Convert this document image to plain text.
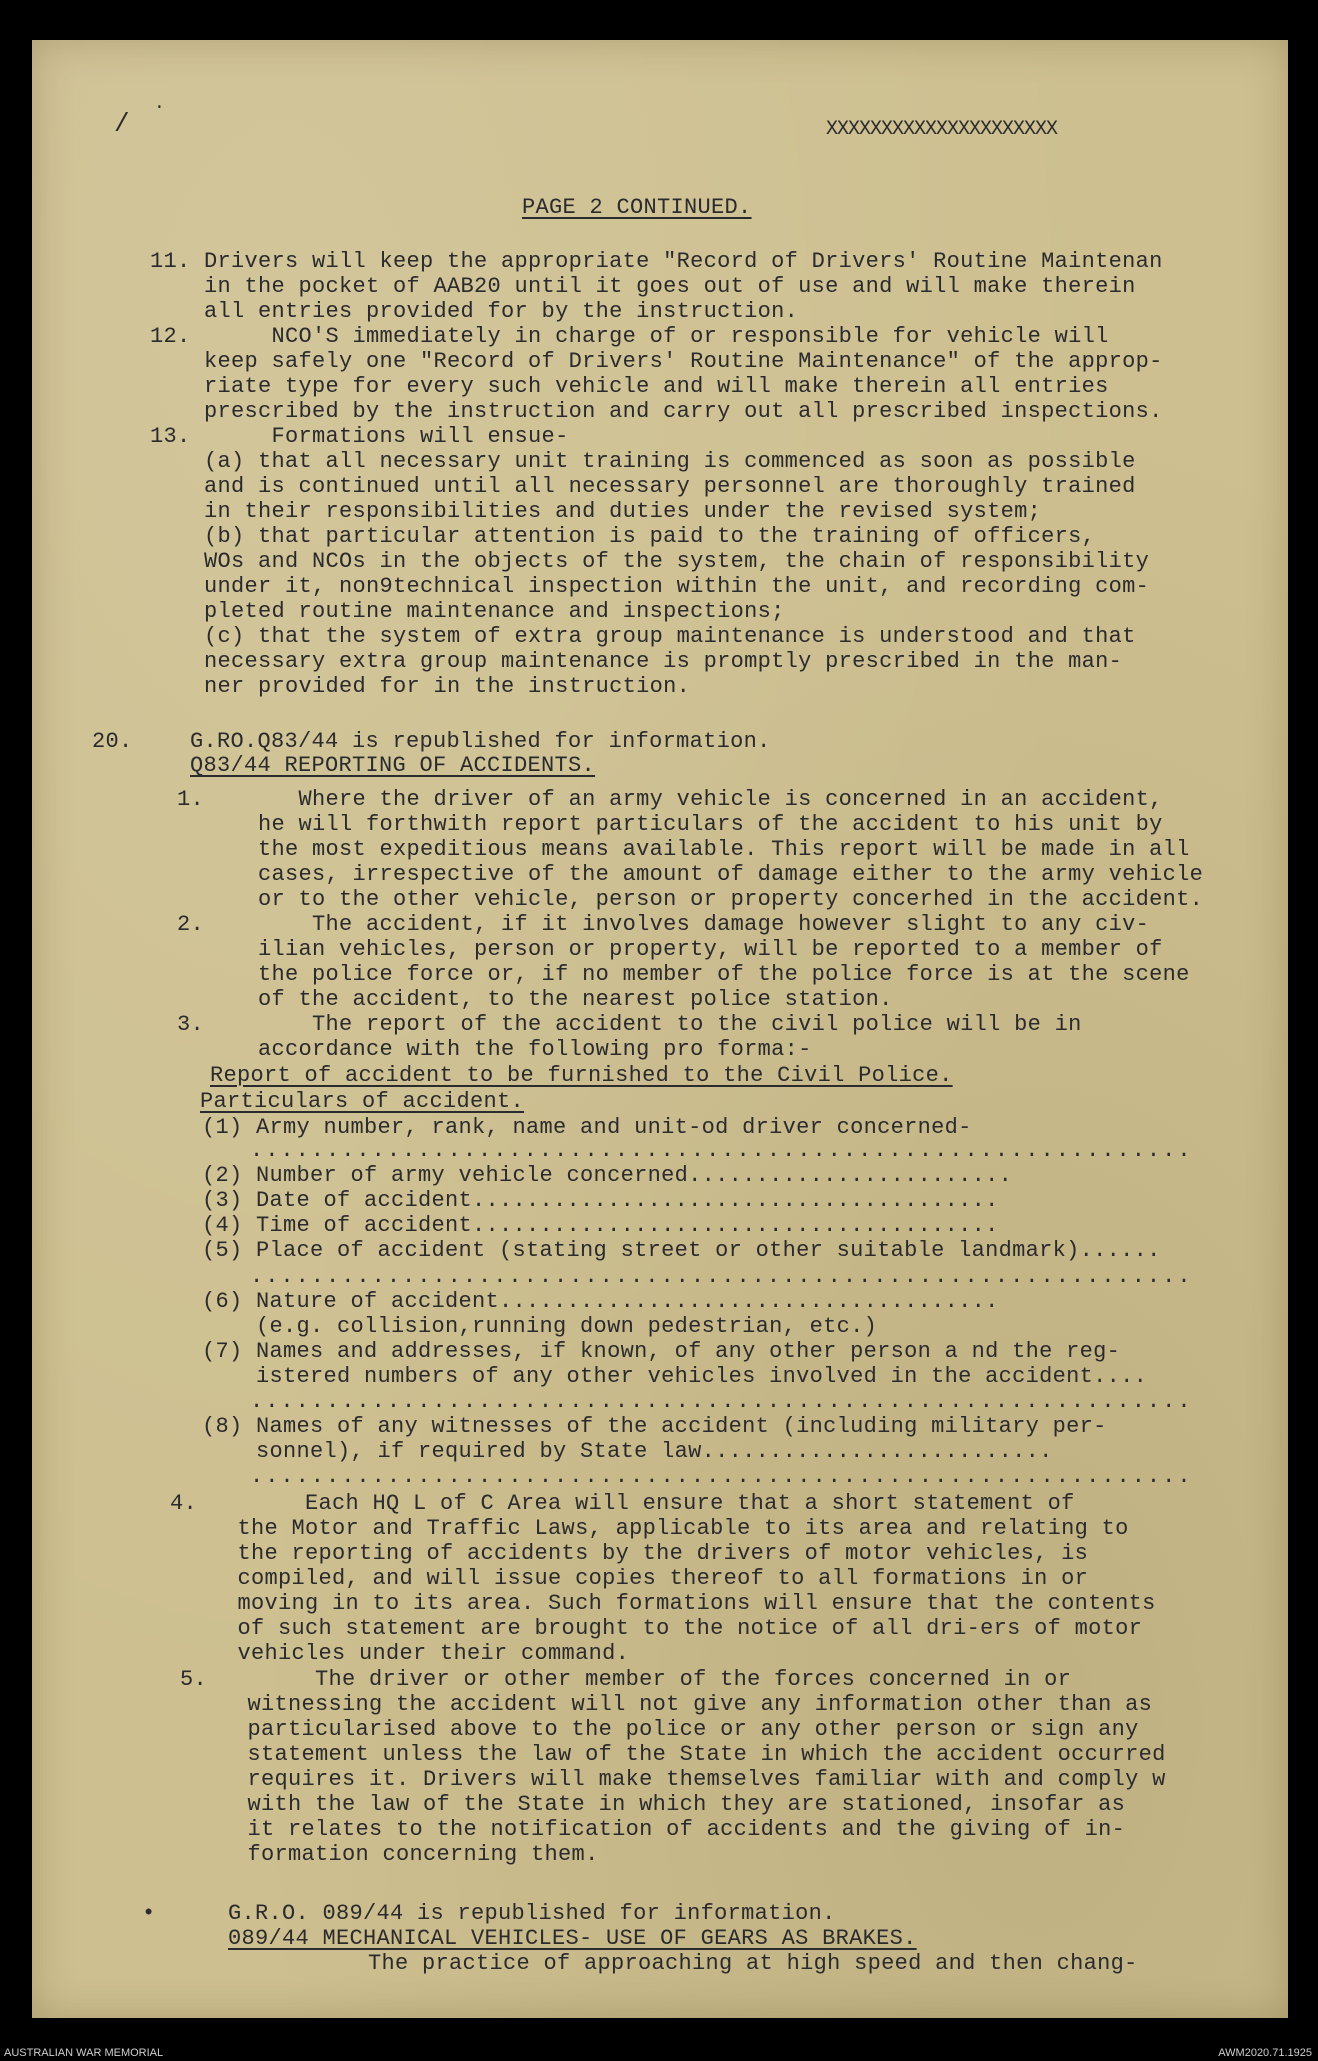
/
·
XXXXXXXXXXXXXXXXXXXXX
PAGE 2 CONTINUED.
11. Drivers will keep the appropriate "Record of Drivers' Routine Maintenan
in the pocket of AAB20 until it goes out of use and will make therein
all entries provided for by the instruction.
12.      NCO'S immediately in charge of or responsible for vehicle will
keep safely one "Record of Drivers' Routine Maintenance" of the approp-
riate type for every such vehicle and will make therein all entries
prescribed by the instruction and carry out all prescribed inspections.
13.      Formations will ensue-
(a) that all necessary unit training is commenced as soon as possible
and is continued until all necessary personnel are thoroughly trained
in their responsibilities and duties under the revised system;
(b) that particular attention is paid to the training of officers,
WOs and NCOs in the objects of the system, the chain of responsibility
under it, non9technical inspection within the unit, and recording com-
pleted routine maintenance and inspections;
(c) that the system of extra group maintenance is understood and that
necessary extra group maintenance is promptly prescribed in the man-
ner provided for in the instruction.
20.	G.RO.Q83/44 is republished for information.
Q83/44 REPORTING OF ACCIDENTS.
1.       Where the driver of an army vehicle is concerned in an accident,
he will forthwith report particulars of the accident to his unit by
the most expeditious means available. This report will be made in all
cases, irrespective of the amount of damage either to the army vehicle
or to the other vehicle, person or property concerhed in the accident.
2.        The accident, if it involves damage however slight to any civ-
ilian vehicles, person or property, will be reported to a member of
the police force or, if no member of the police force is at the scene
of the accident, to the nearest police station.
3.        The report of the accident to the civil police will be in
accordance with the following pro forma:-
Report of accident to be furnished to the Civil Police.
Particulars of accident.
(1) Army number, rank, name and unit-od driver concerned-
..............................................................
(2) Number of army vehicle concerned........................
(3) Date of accident.......................................
(4) Time of accident.......................................
(5) Place of accident (stating street or other suitable landmark)......
..............................................................
(6) Nature of accident.....................................
(e.g. collision,running down pedestrian, etc.)
(7) Names and addresses, if known, of any other person a nd the reg-
istered numbers of any other vehicles involved in the accident....
..............................................................
(8) Names of any witnesses of the accident (including military per-
sonnel), if required by State law..........................
..............................................................
4.        Each HQ L of C Area will ensure that a short statement of
the Motor and Traffic Laws, applicable to its area and relating to
the reporting of accidents by the drivers of motor vehicles, is
compiled, and will issue copies thereof to all formations in or
moving in to its area. Such formations will ensure that the contents
of such statement are brought to the notice of all dri-ers of motor
vehicles under their command.
5.        The driver or other member of the forces concerned in or
witnessing the accident will not give any information other than as
particularised above to the police or any other person or sign any
statement unless the law of the State in which the accident occurred
requires it. Drivers will make themselves familiar with and comply w
with the law of the State in which they are stationed, insofar as
it relates to the notification of accidents and the giving of in-
formation concerning them.
•	G.R.O. 089/44 is republished for information.
089/44 MECHANICAL VEHICLES- USE OF GEARS AS BRAKES.
The practice of approaching at high speed and then chang-
AUSTRALIAN WAR MEMORIAL	AWM2020.71.1925
